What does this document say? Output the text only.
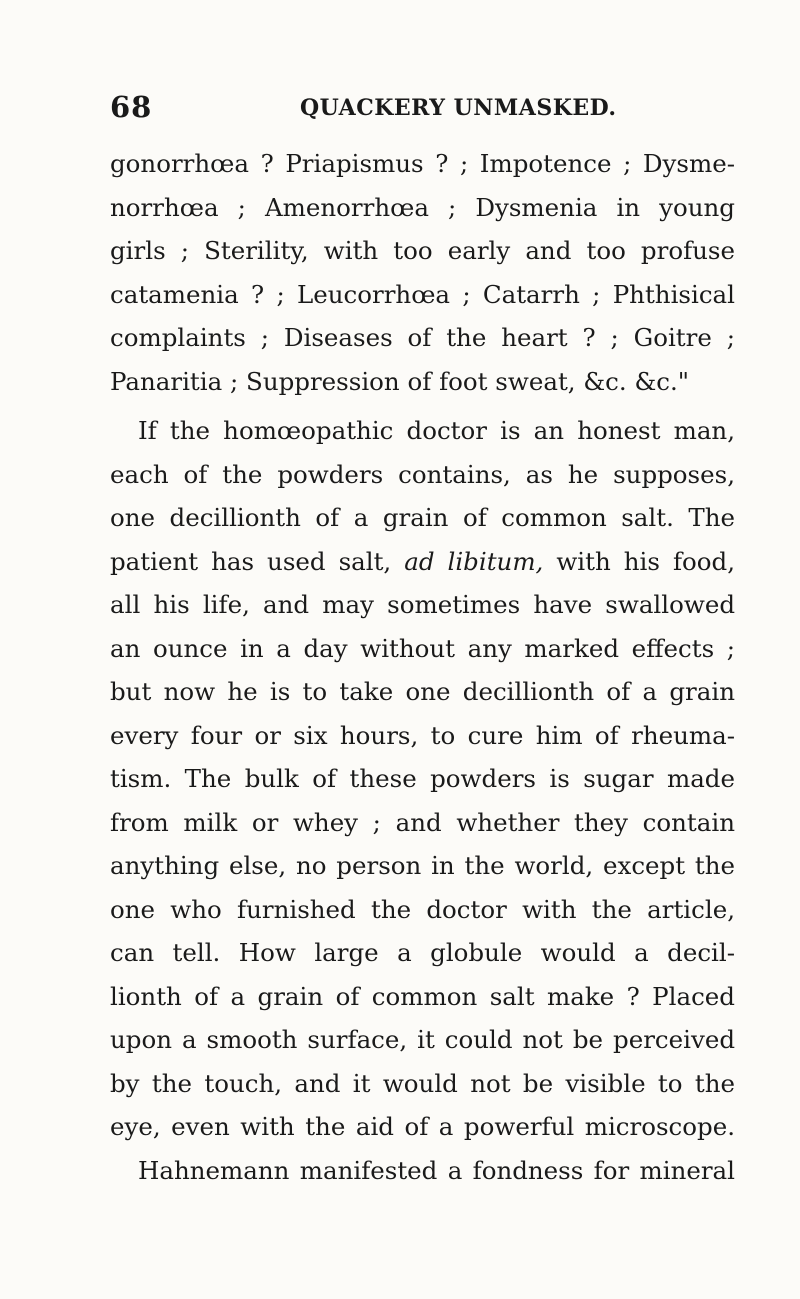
68	QUACKERY UNMASKED.
gonorrhœa ? Priapismus ? ; Impotence ; Dysme-
norrhœa ; Amenorrhœa ; Dysmenia in young
girls ; Sterility, with too early and too profuse
catamenia ? ; Leucorrhœa ; Catarrh ; Phthisical
complaints ; Diseases of the heart ? ; Goitre ;
Panaritia ; Suppression of foot sweat, &c. &c."
If the homœopathic doctor is an honest man,
each of the powders contains, as he supposes,
one decillionth of a grain of common salt. The
patient has used salt, ad libitum, with his food,
all his life, and may sometimes have swallowed
an ounce in a day without any marked effects ;
but now he is to take one decillionth of a grain
every four or six hours, to cure him of rheuma-
tism. The bulk of these powders is sugar made
from milk or whey ; and whether they contain
anything else, no person in the world, except the
one who furnished the doctor with the article,
can tell. How large a globule would a decil-
lionth of a grain of common salt make ? Placed
upon a smooth surface, it could not be perceived
by the touch, and it would not be visible to the
eye, even with the aid of a powerful microscope.
Hahnemann manifested a fondness for mineral
